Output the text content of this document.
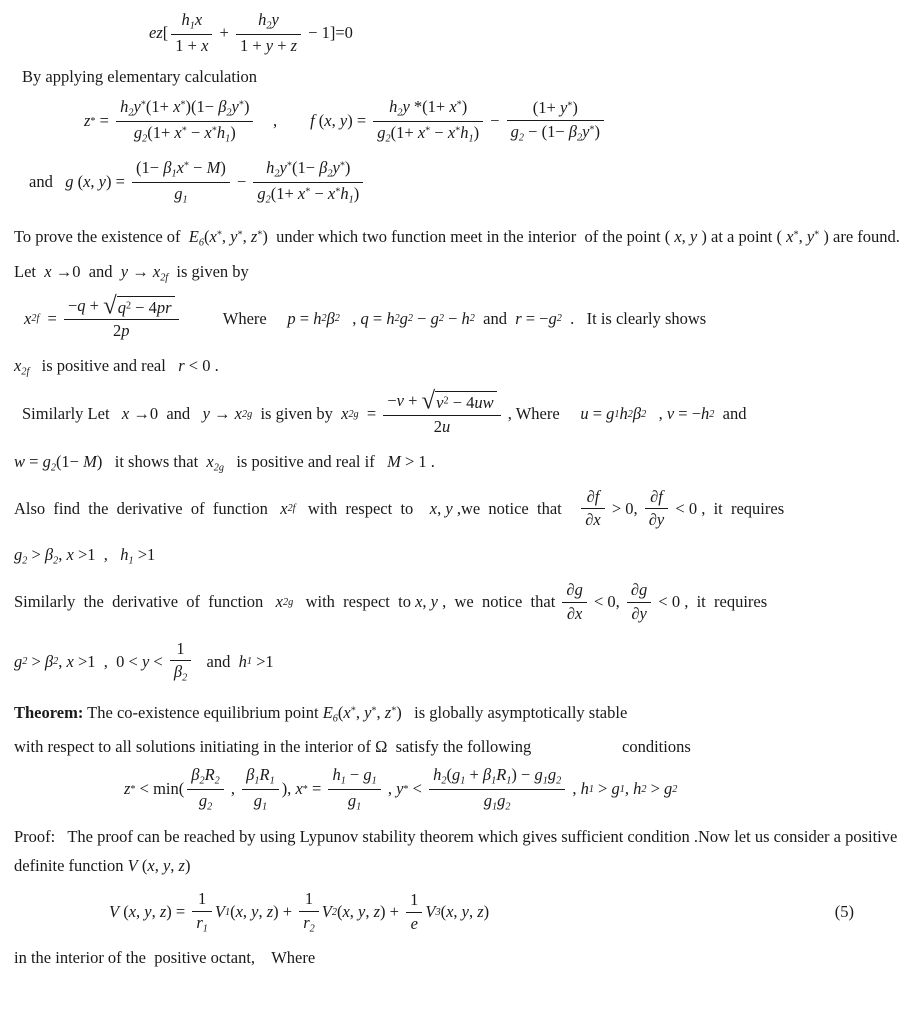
ez [ $\frac{h1x}{1 + x} + \frac{h2y}{1 + y + z} - 1]=0$
By applying elementary calculation
z * = $\frac{h2y^*(1+ x^*)(1- \beta 2y^*)}{g2(1+ x^* - x^*h1)}$ , f ( x , y ) = $\frac{h2y *(1+ x^*)}{g2(1+ x^* - x^*h1)} - \frac{(1+ y^*)}{g2 - (1- \beta 2y^*)}$
and g ( x , y ) = $\frac{(1- \beta 1x^* - M)}{g1} - \frac{h2y^*(1- \beta 2y^*)}{g2(1+ x^* - x^*h1)}$
To prove the existence of  E6(x*, y*, z*)  under which two function meet in the interior  of the point ( x, y ) at a point ( x*, y* ) are found.  Let  x →0  and  y → x2f  is given by
x $2f = \frac{-q + √ q^2 - 4pr}{2p}$ Where p = h 2 β 2 , q = h 2 g 2 − g 2 − h 2 and r = − g 2 .   It is clearly shows
x2f   is positive and real   r < 0 .
Similarly Let x →0  and y → x 2g is given by x $2g = \frac{-v + √ v^2 - 4uw}{2u}$ , Where u = g 1 h 2 β 2 , v = − h 2 and
w = g2(1− M)   it shows that  x2g   is positive and real if   M > 1 .
Also  find  the  derivative  of  function x 2f with  respect  to x , y ,we  notice  that $\frac{\partial f}{\partial x} > 0$, $\frac{\partial f}{\partial y} < 0$ ,  it  requires
g2 > β2, x >1  ,   h1 >1
Similarly  the  derivative  of  function x 2g with  respect  to x , y ,  we  notice  that $\frac{\partial g}{\partial x} < 0$, $\frac{\partial g}{\partial y} < 0$ ,  it  requires
g 2 > β 2 , x >1  ,  $0 < y < \frac{1}{\beta 2}$ and h 1 >1
Theorem: The co-existence equilibrium point E6(x*, y*, z*)   is globally asymptotically stable
with respect to all solutions initiating in the interior of Ω  satisfy the following                      conditions
z * < $\min( \frac{\beta 2R2}{g2}$ , $\frac{\beta 1R1}{g1}$ ), x * = $\frac{h1 - g1}{g1}$ , y * < $\frac{h2(g1 + \beta 1R1) - g1g2}{g1g2}$ , h 1 > g 1 , h 2 > g 2
Proof:   The proof can be reached by using Lypunov stability theorem which gives sufficient condition .Now let us consider a positive definite function V (x, y, z)
V ( x , y , z ) = $\frac{1}{r1}$ V 1 ( x , y , z ) + $\frac{1}{r2}$ V 2 ( x , y , z ) + $\frac{1}{e}$ V 3 ( x , y , z )	(5)
in the interior of the  positive octant,    Where
